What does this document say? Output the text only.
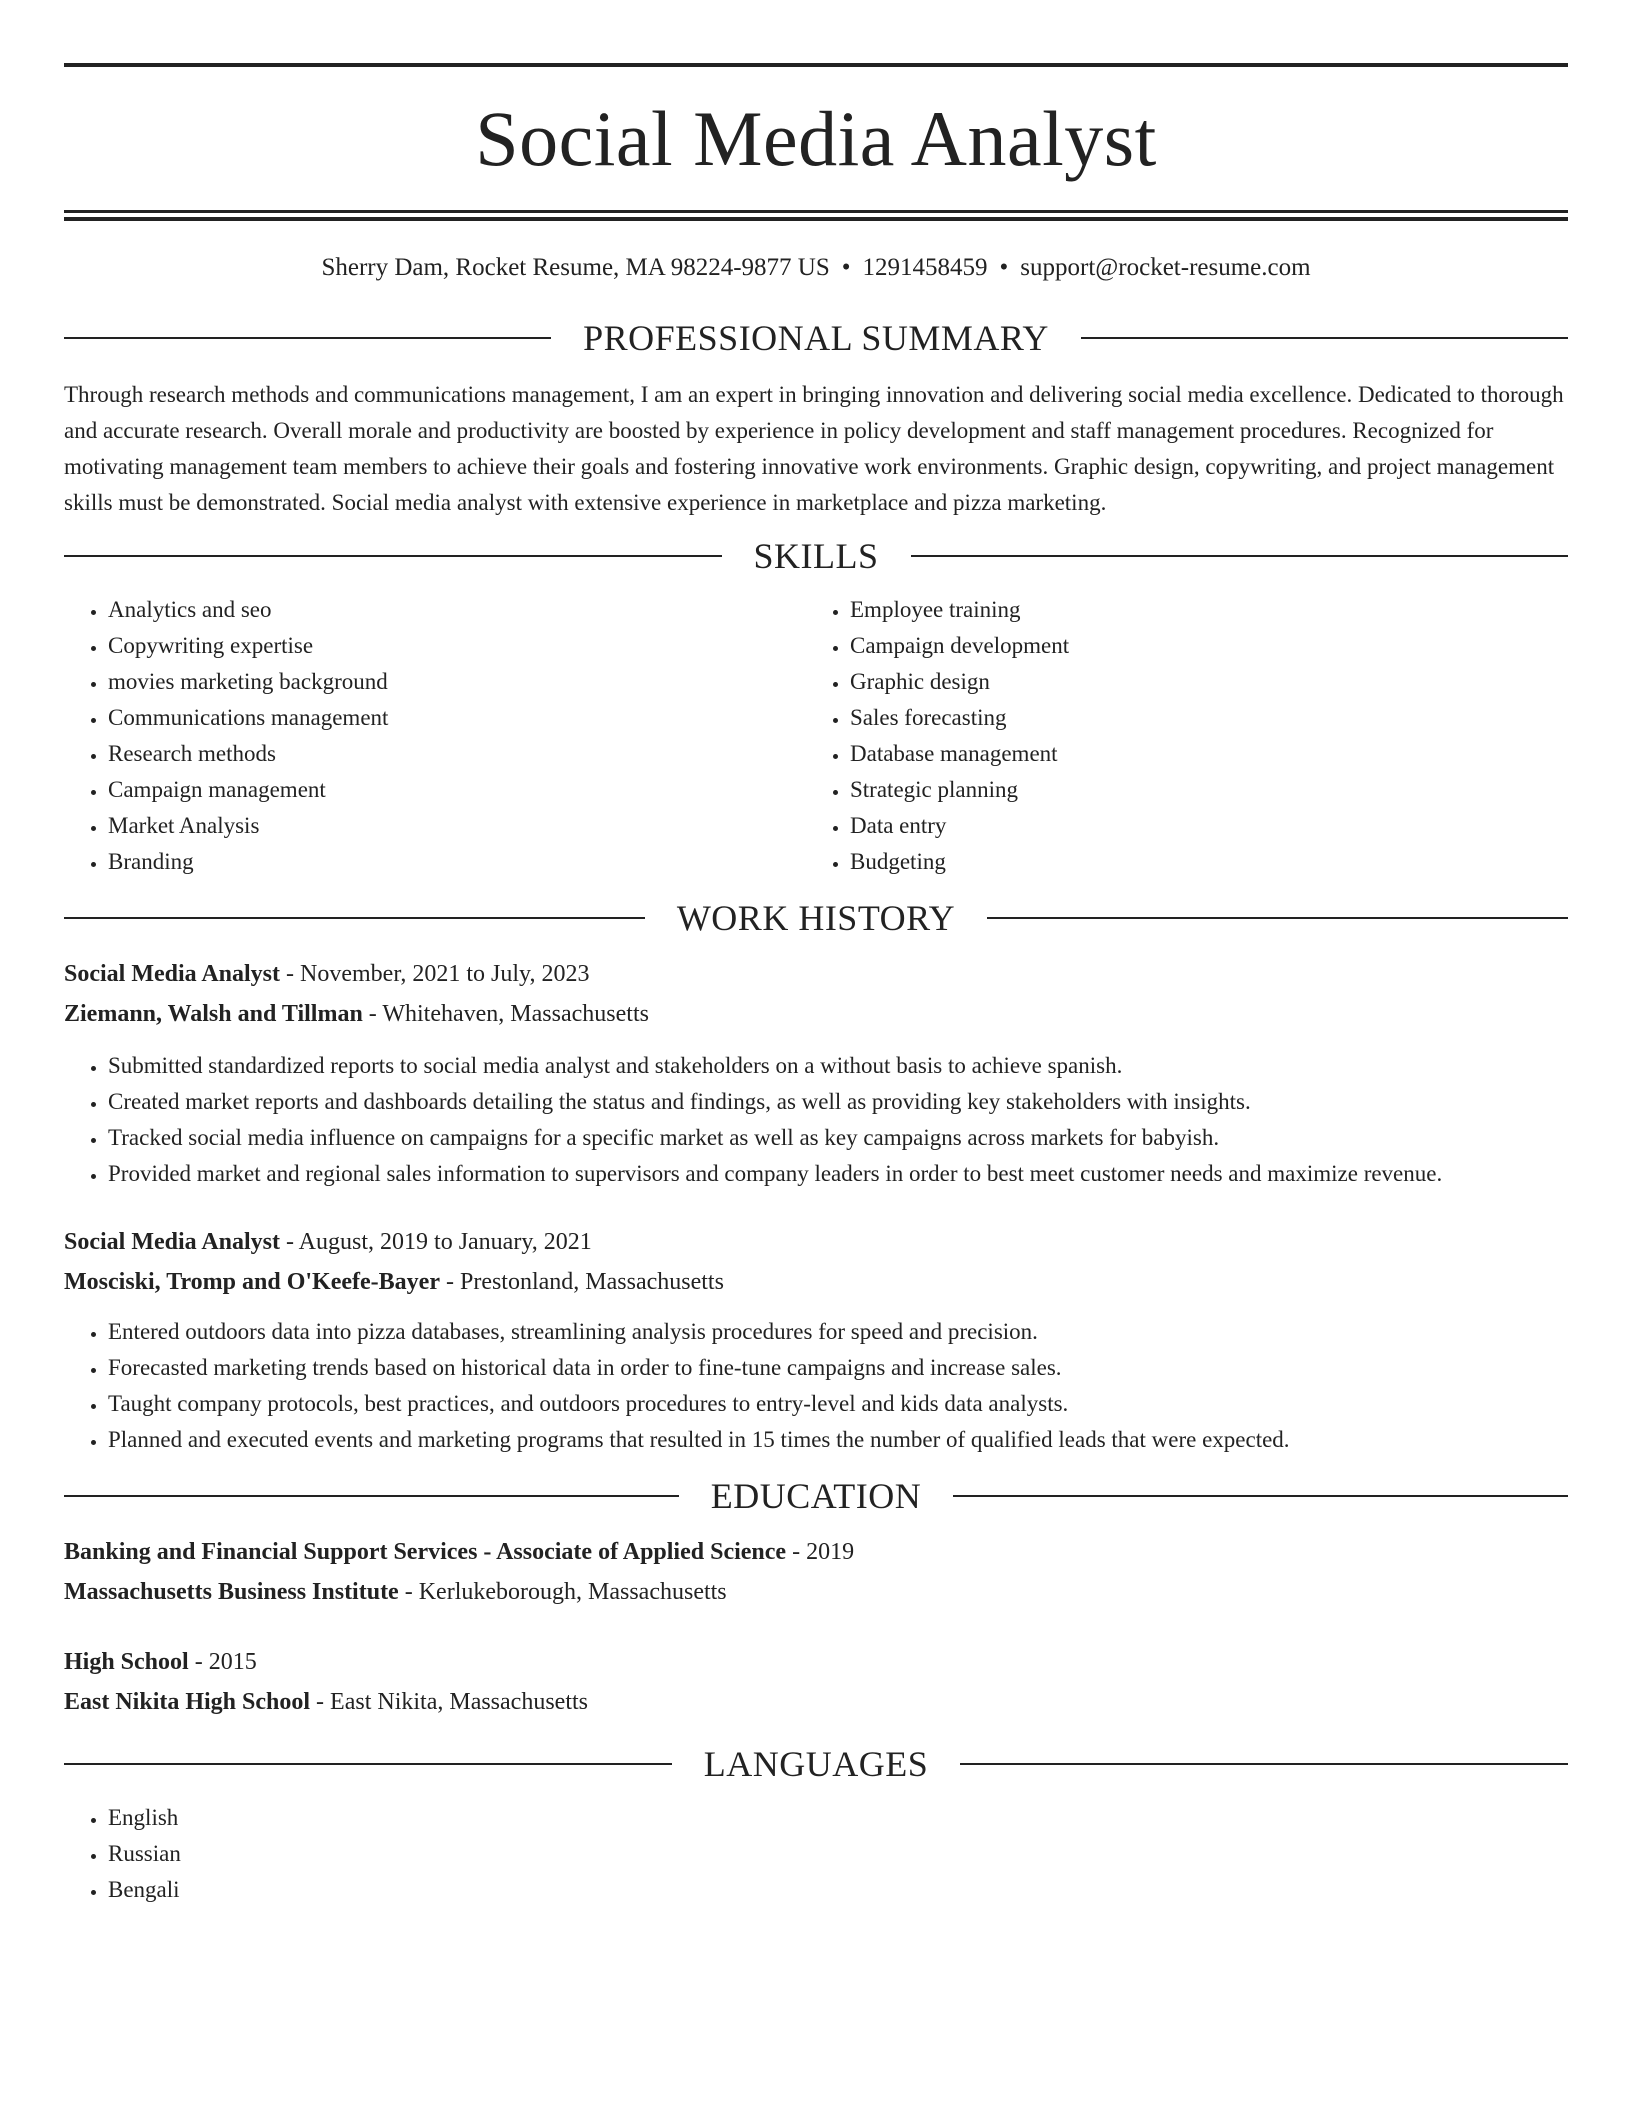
Social Media Analyst
Sherry Dam, Rocket Resume, MA 98224-9877 US • 1291458459 • support@rocket-resume.com
PROFESSIONAL SUMMARY

Through research methods and communications management, I am an expert in bringing innovation and delivering social media excellence. Dedicated to thorough and accurate research. Overall morale and productivity are boosted by experience in policy development and staff management procedures. Recognized for motivating management team members to achieve their goals and fostering innovative work environments. Graphic design, copywriting, and project management skills must be demonstrated. Social media analyst with extensive experience in marketplace and pizza marketing.

SKILLS
• Analytics and seo
• Copywriting expertise
• movies marketing background
• Communications management
• Research methods
• Campaign management
• Market Analysis
• Branding
• Employee training
• Campaign development
• Graphic design
• Sales forecasting
• Database management
• Strategic planning
• Data entry
• Budgeting
WORK HISTORY
Social Media Analyst - November, 2021 to July, 2023
Ziemann, Walsh and Tillman - Whitehaven, Massachusetts
• Submitted standardized reports to social media analyst and stakeholders on a without basis to achieve spanish.
• Created market reports and dashboards detailing the status and findings, as well as providing key stakeholders with insights.
• Tracked social media influence on campaigns for a specific market as well as key campaigns across markets for babyish.
• Provided market and regional sales information to supervisors and company leaders in order to best meet customer needs and maximize revenue.
Social Media Analyst - August, 2019 to January, 2021
Mosciski, Tromp and O'Keefe-Bayer - Prestonland, Massachusetts
• Entered outdoors data into pizza databases, streamlining analysis procedures for speed and precision.
• Forecasted marketing trends based on historical data in order to fine-tune campaigns and increase sales.
• Taught company protocols, best practices, and outdoors procedures to entry-level and kids data analysts.
• Planned and executed events and marketing programs that resulted in 15 times the number of qualified leads that were expected.
EDUCATION
Banking and Financial Support Services - Associate of Applied Science - 2019
Massachusetts Business Institute - Kerlukeborough, Massachusetts
High School - 2015
East Nikita High School - East Nikita, Massachusetts
LANGUAGES
• English
• Russian
• Bengali
